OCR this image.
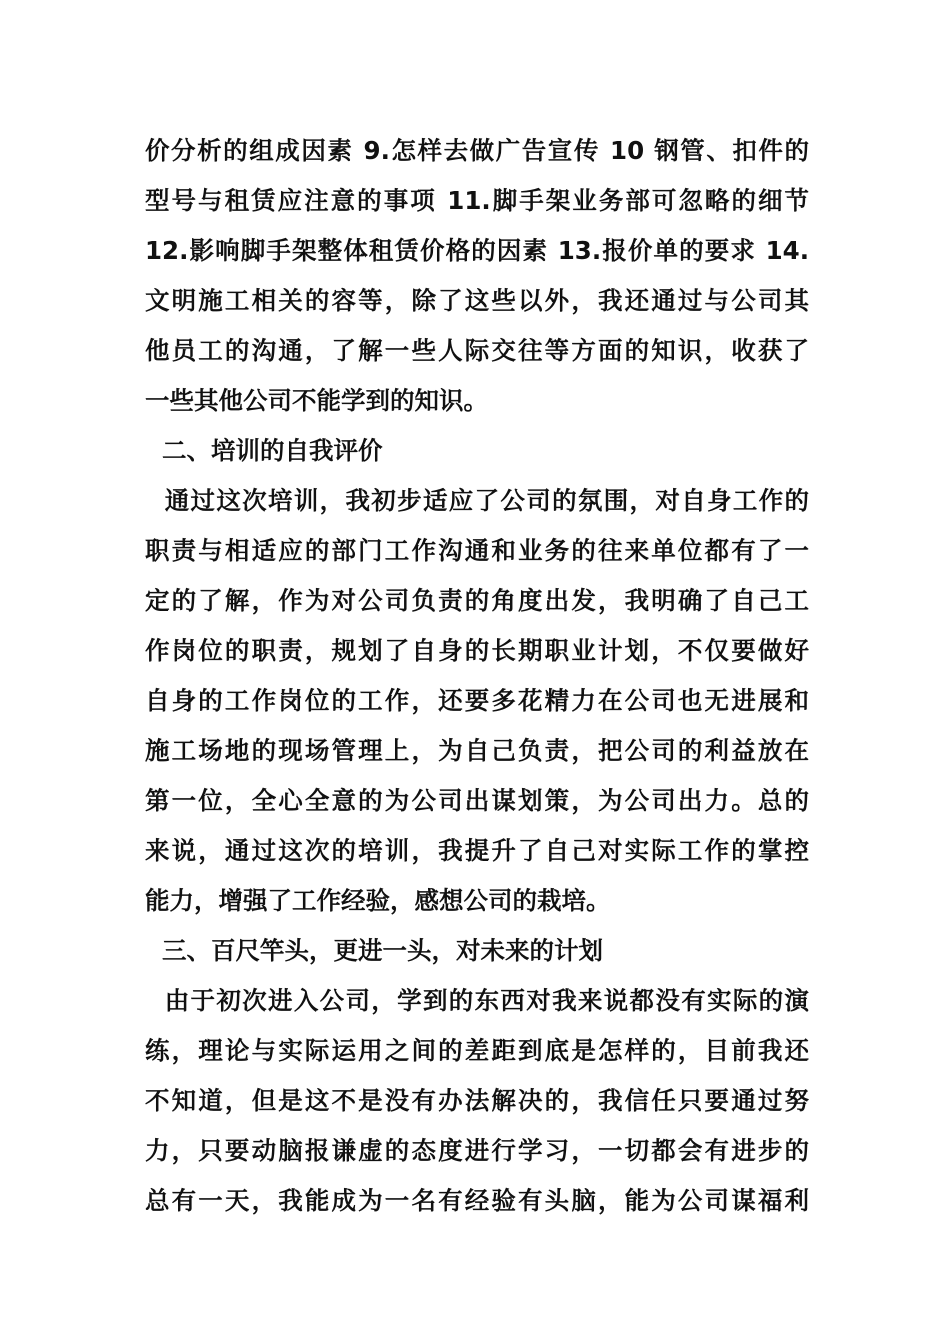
价分析的组成因素 9.怎样去做广告宣传 10 钢管、扣件的
型号与租赁应注意的事项 11.脚手架业务部可忽略的细节
12.影响脚手架整体租赁价格的因素 13.报价单的要求 14.
文明施工相关的容等，除了这些以外，我还通过与公司其
他员工的沟通，了解一些人际交往等方面的知识，收获了
一些其他公司不能学到的知识。
二、培训的自我评价
通过这次培训，我初步适应了公司的氛围，对自身工作的
职责与相适应的部门工作沟通和业务的往来单位都有了一
定的了解，作为对公司负责的角度出发，我明确了自己工
作岗位的职责，规划了自身的长期职业计划，不仅要做好
自身的工作岗位的工作，还要多花精力在公司也无进展和
施工场地的现场管理上，为自己负责，把公司的利益放在
第一位，全心全意的为公司出谋划策，为公司出力。总的
来说，通过这次的培训，我提升了自己对实际工作的掌控
能力，增强了工作经验，感想公司的栽培。
三、百尺竿头，更进一头，对未来的计划
由于初次进入公司，学到的东西对我来说都没有实际的演
练，理论与实际运用之间的差距到底是怎样的，目前我还
不知道，但是这不是没有办法解决的，我信任只要通过努
力，只要动脑报谦虚的态度进行学习，一切都会有进步的
总有一天，我能成为一名有经验有头脑，能为公司谋福利
